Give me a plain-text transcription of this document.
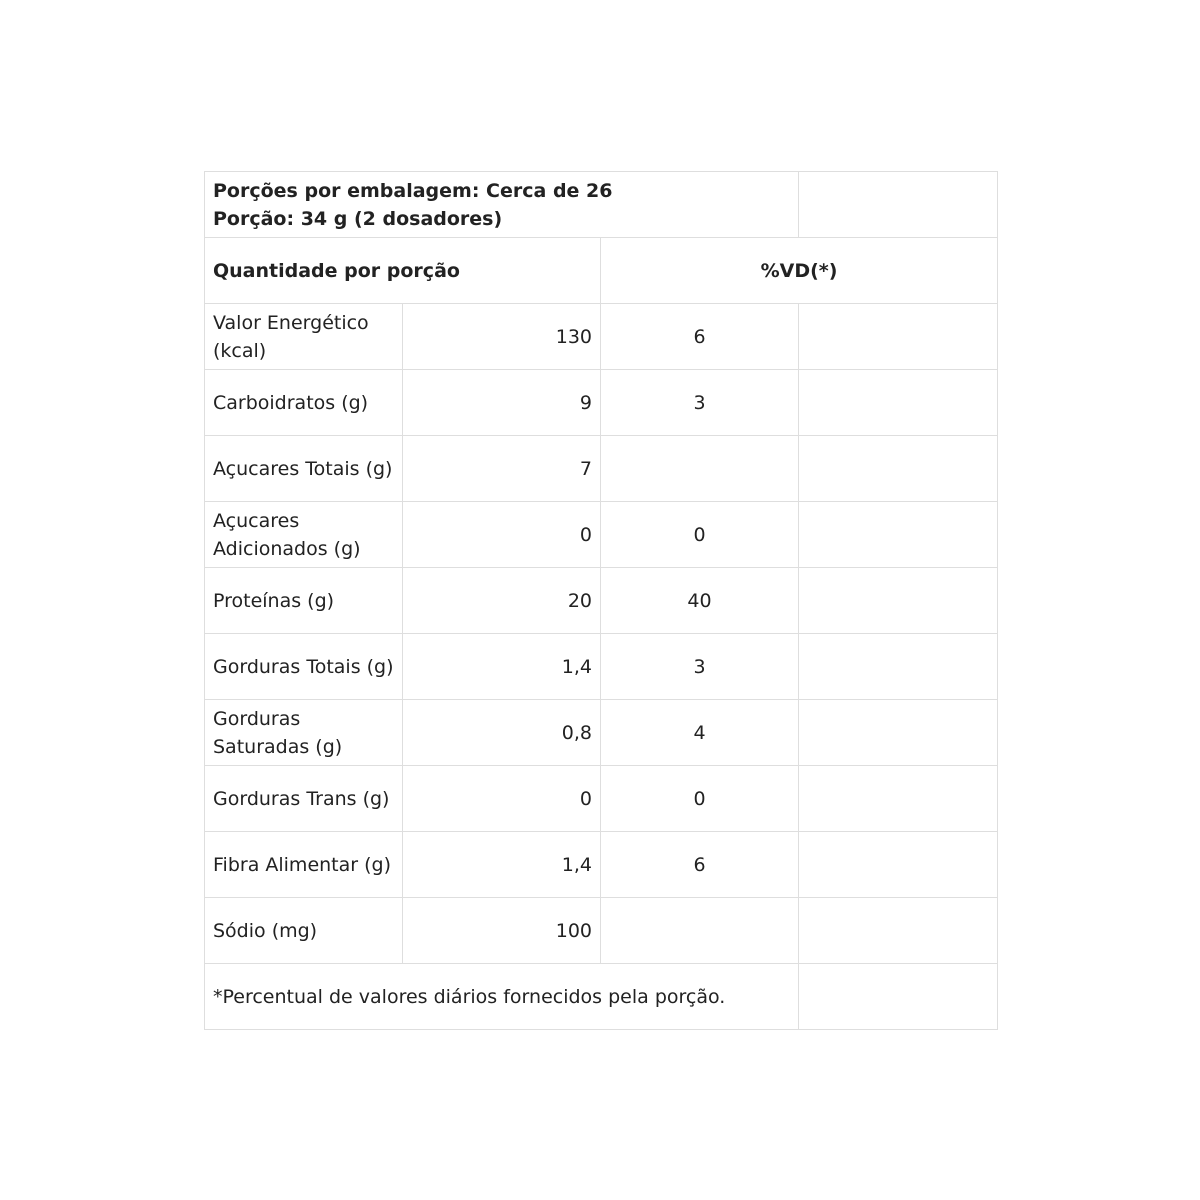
Porções por embalagem: Cerca de 26
Porção: 34 g (2 dosadores)			

Quantidade por porção		%VD(*)	
Valor Energético (kcal)	130	6	
Carboidratos (g)	9	3	
Açucares Totais (g)	7		
Açucares Adicionados (g)	0	0	
Proteínas (g)	20	40	
Gorduras Totais (g)	1,4	3	
Gorduras Saturadas (g)	0,8	4	
Gorduras Trans (g)	0	0	
Fibra Alimentar (g)	1,4	6	
Sódio (mg)	100		
*Percentual de valores diários fornecidos pela porção.			
